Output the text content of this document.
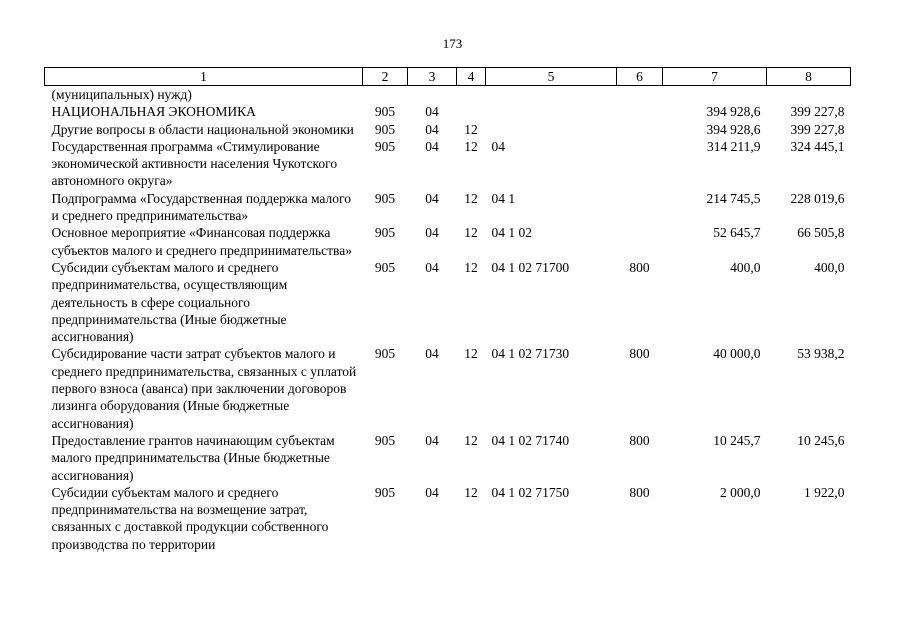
173
1	2	3	4	5	6	7	8
(муниципальных) нужд)							
НАЦИОНАЛЬНАЯ ЭКОНОМИКА	905	04				394 928,6	399 227,8
Другие вопросы в области национальной экономики	905	04	12			394 928,6	399 227,8
Государственная программа «Стимулирование экономической активности населения Чукотского автономного округа»	905	04	12	04		314 211,9	324 445,1
Подпрограмма «Государственная поддержка малого и среднего предпринимательства»	905	04	12	04 1		214 745,5	228 019,6
Основное мероприятие «Финансовая поддержка субъектов малого и среднего предпринимательства»	905	04	12	04 1 02		52 645,7	66 505,8
Субсидии субъектам малого и среднего предпринимательства, осуществляющим деятельность в сфере социального предпринимательства (Иные бюджетные ассигнования)	905	04	12	04 1 02 71700	800	400,0	400,0
Субсидирование части затрат субъектов малого и среднего предпринимательства, связанных с уплатой первого взноса (аванса) при заключении договоров лизинга оборудования (Иные бюджетные ассигнования)	905	04	12	04 1 02 71730	800	40 000,0	53 938,2
Предоставление грантов начинающим субъектам малого предпринимательства (Иные бюджетные ассигнования)	905	04	12	04 1 02 71740	800	10 245,7	10 245,6
Субсидии субъектам малого и среднего предпринимательства на возмещение затрат, связанных с доставкой продукции собственного производства по территории	905	04	12	04 1 02 71750	800	2 000,0	1 922,0
